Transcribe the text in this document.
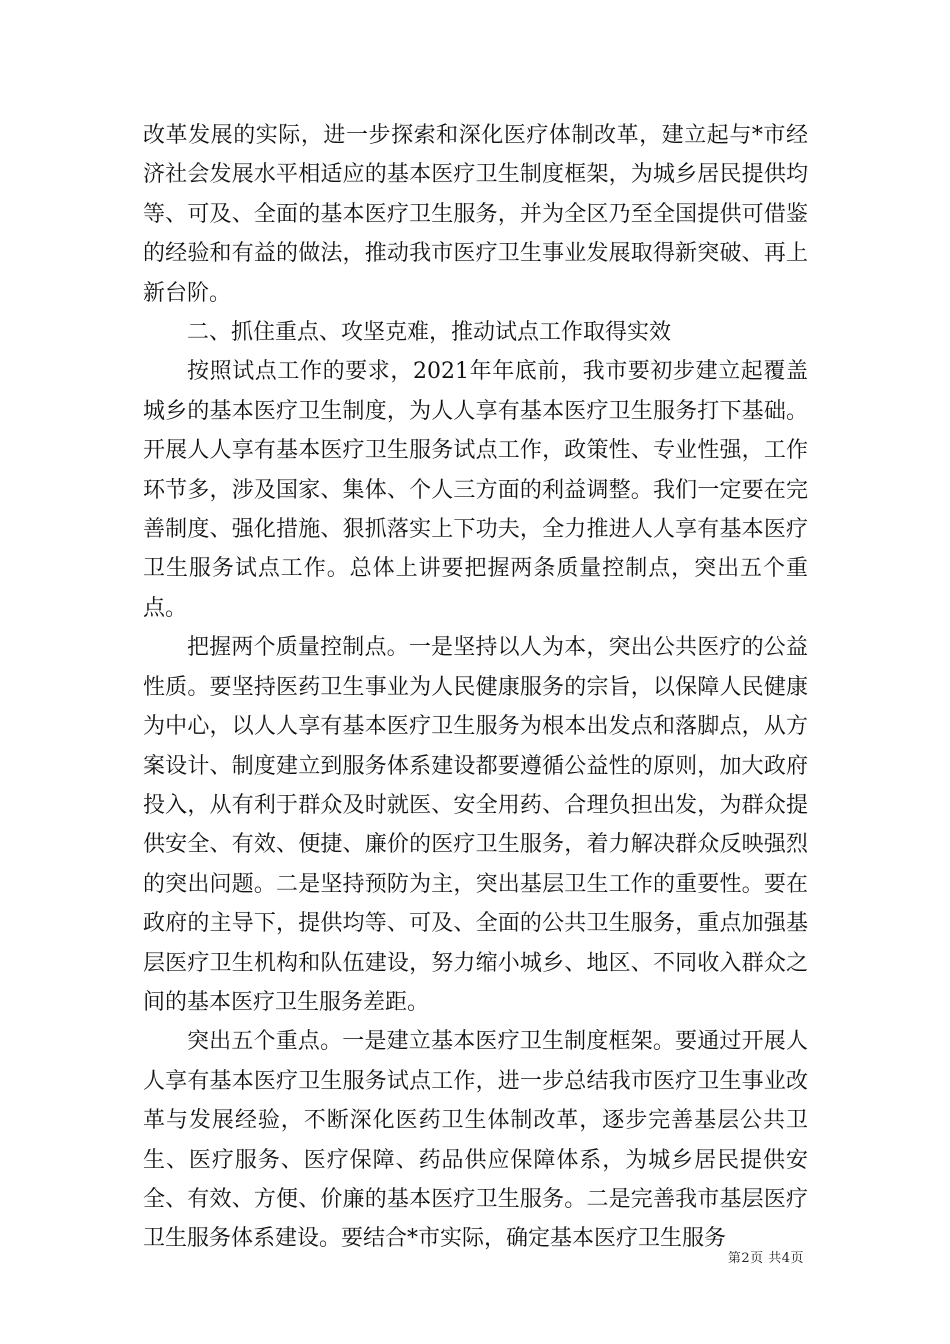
改革发展的实际，进一步探索和深化医疗体制改革，建立起与*市经济社会发展水平相适应的基本医疗卫生制度框架，为城乡居民提供均等、可及、全面的基本医疗卫生服务，并为全区乃至全国提供可借鉴的经验和有益的做法，推动我市医疗卫生事业发展取得新突破、再上新台阶。

二、抓住重点、攻坚克难，推动试点工作取得实效

按照试点工作的要求，2021年年底前，我市要初步建立起覆盖城乡的基本医疗卫生制度，为人人享有基本医疗卫生服务打下基础。开展人人享有基本医疗卫生服务试点工作，政策性、专业性强，工作环节多，涉及国家、集体、个人三方面的利益调整。我们一定要在完善制度、强化措施、狠抓落实上下功夫，全力推进人人享有基本医疗卫生服务试点工作。总体上讲要把握两条质量控制点，突出五个重点。

把握两个质量控制点。一是坚持以人为本，突出公共医疗的公益性质。要坚持医药卫生事业为人民健康服务的宗旨，以保障人民健康为中心，以人人享有基本医疗卫生服务为根本出发点和落脚点，从方案设计、制度建立到服务体系建设都要遵循公益性的原则，加大政府投入，从有利于群众及时就医、安全用药、合理负担出发，为群众提供安全、有效、便捷、廉价的医疗卫生服务，着力解决群众反映强烈的突出问题。二是坚持预防为主，突出基层卫生工作的重要性。要在政府的主导下，提供均等、可及、全面的公共卫生服务，重点加强基层医疗卫生机构和队伍建设，努力缩小城乡、地区、不同收入群众之间的基本医疗卫生服务差距。

突出五个重点。一是建立基本医疗卫生制度框架。要通过开展人人享有基本医疗卫生服务试点工作，进一步总结我市医疗卫生事业改革与发展经验，不断深化医药卫生体制改革，逐步完善基层公共卫生、医疗服务、医疗保障、药品供应保障体系，为城乡居民提供安全、有效、方便、价廉的基本医疗卫生服务。二是完善我市基层医疗卫生服务体系建设。要结合*市实际，确定基本医疗卫生服务

第2页 共4页
